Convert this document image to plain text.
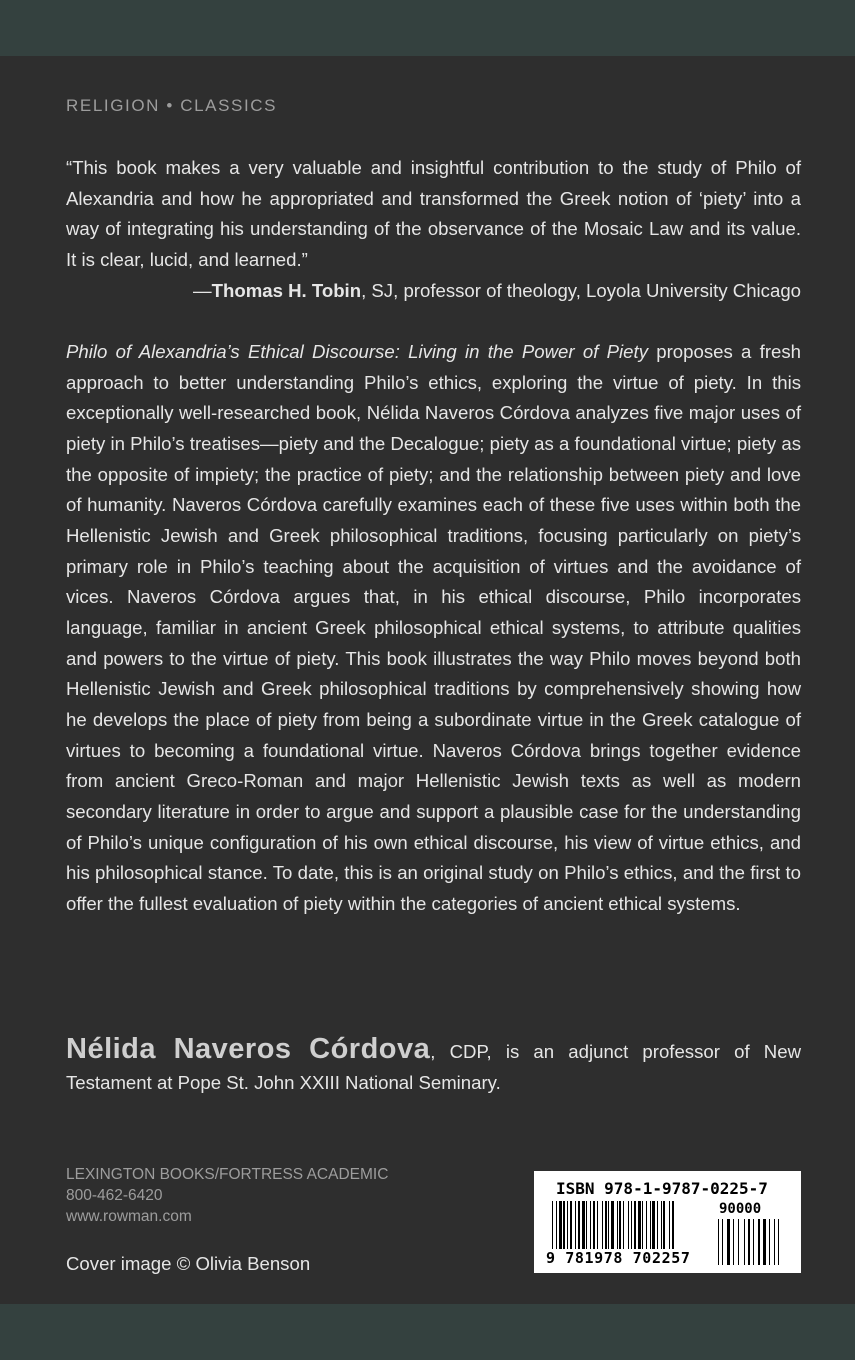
RELIGION • CLASSICS

“This book makes a very valuable and insightful contribution to the study of Philo of Alexandria and how he appropriated and transformed the Greek notion of ‘piety’ into a way of integrating his understanding of the observance of the Mosaic Law and its value. It is clear, lucid, and learned.”

—Thomas H. Tobin, SJ, professor of theology, Loyola University Chicago

Philo of Alexandria’s Ethical Discourse: Living in the Power of Piety proposes a fresh approach to better understanding Philo’s ethics, exploring the virtue of piety. In this exceptionally well-researched book, Nélida Naveros Córdova analyzes five major uses of piety in Philo’s treatises—piety and the Decalogue; piety as a foundational virtue; piety as the opposite of impiety; the practice of piety; and the relationship between piety and love of humanity. Naveros Córdova carefully examines each of these five uses within both the Hellenistic Jewish and Greek philosophical traditions, focusing particularly on piety’s primary role in Philo’s teaching about the acquisition of virtues and the avoidance of vices. Naveros Córdova argues that, in his ethical discourse, Philo incorporates language, familiar in ancient Greek philosophical ethical systems, to attribute qualities and powers to the virtue of piety. This book illustrates the way Philo moves beyond both Hellenistic Jewish and Greek philosophical traditions by comprehensively showing how he develops the place of piety from being a subordinate virtue in the Greek catalogue of virtues to becoming a foundational virtue. Naveros Córdova brings together evidence from ancient Greco-Roman and major Hellenistic Jewish texts as well as modern secondary literature in order to argue and support a plausible case for the understanding of Philo’s unique configuration of his own ethical discourse, his view of virtue ethics, and his philosophical stance. To date, this is an original study on Philo’s ethics, and the first to offer the fullest evaluation of piety within the categories of ancient ethical systems.

Nélida Naveros Córdova, CDP, is an adjunct professor of New Testament at Pope St. John XXIII National Seminary.

LEXINGTON BOOKS/FORTRESS ACADEMIC
800-462-6420
www.rowman.com
Cover image © Olivia Benson
ISBN 978-1-9787-0225-7
90000
9 781978 702257
